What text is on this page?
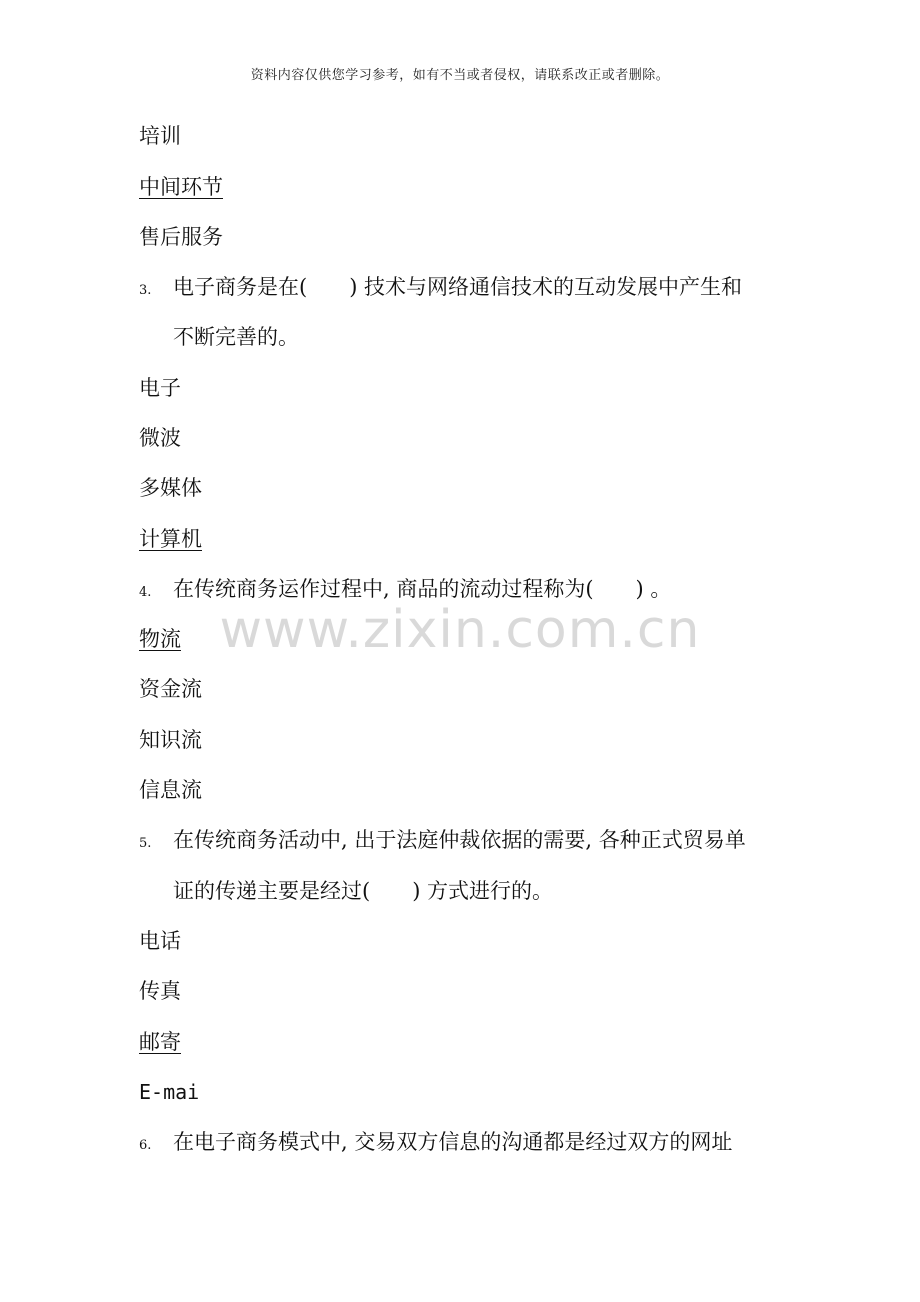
资料内容仅供您学习参考，如有不当或者侵权，请联系改正或者删除。
www.zixin.com.cn
培训
中间环节
售后服务
3. 电子商务是在(　　) 技术与网络通信技术的互动发展中产生和
不断完善的。
电子
微波
多媒体
计算机
4. 在传统商务运作过程中, 商品的流动过程称为(　　) 。
物流
资金流
知识流
信息流
5. 在传统商务活动中, 出于法庭仲裁依据的需要, 各种正式贸易单
证的传递主要是经过(　　) 方式进行的。
电话
传真
邮寄
E-mai
6. 在电子商务模式中, 交易双方信息的沟通都是经过双方的网址
